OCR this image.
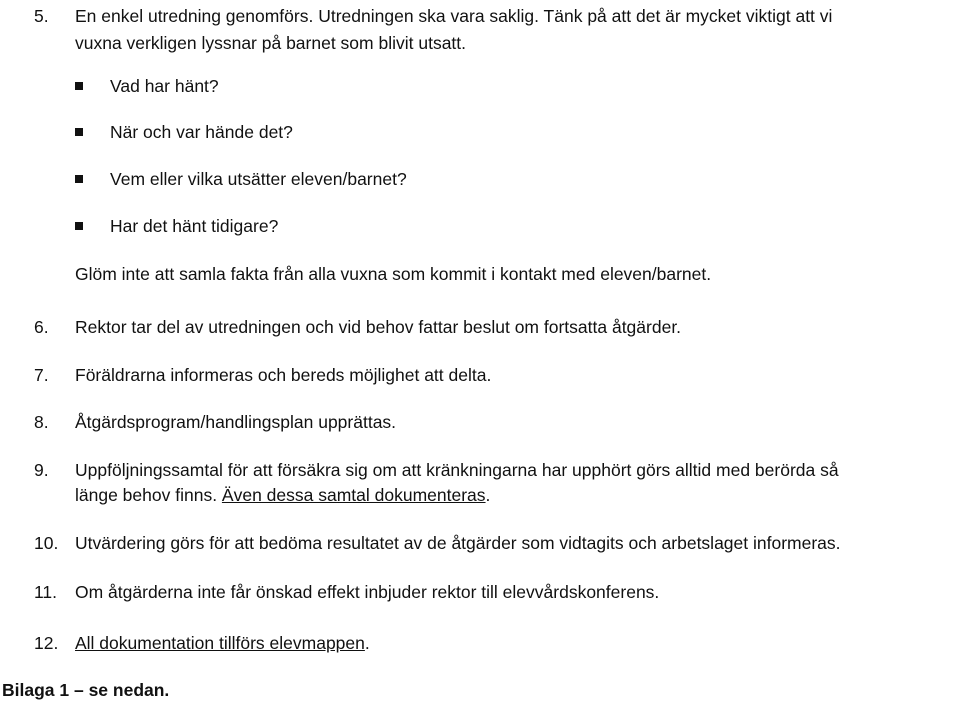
5. En enkel utredning genomförs. Utredningen ska vara saklig. Tänk på att det är mycket viktigt att vi
vuxna verkligen lyssnar på barnet som blivit utsatt.
Vad har hänt?
När och var hände det?
Vem eller vilka utsätter eleven/barnet?
Har det hänt tidigare?
Glöm inte att samla fakta från alla vuxna som kommit i kontakt med eleven/barnet.
6. Rektor tar del av utredningen och vid behov fattar beslut om fortsatta åtgärder.
7. Föräldrarna informeras och bereds möjlighet att delta.
8. Åtgärdsprogram/handlingsplan upprättas.
9. Uppföljningssamtal för att försäkra sig om att kränkningarna har upphört görs alltid med berörda så
länge behov finns. Även dessa samtal dokumenteras.
10. Utvärdering görs för att bedöma resultatet av de åtgärder som vidtagits och arbetslaget informeras.
11. Om åtgärderna inte får önskad effekt inbjuder rektor till elevvårdskonferens.
12. All dokumentation tillförs elevmappen.
Bilaga 1 – se nedan.
